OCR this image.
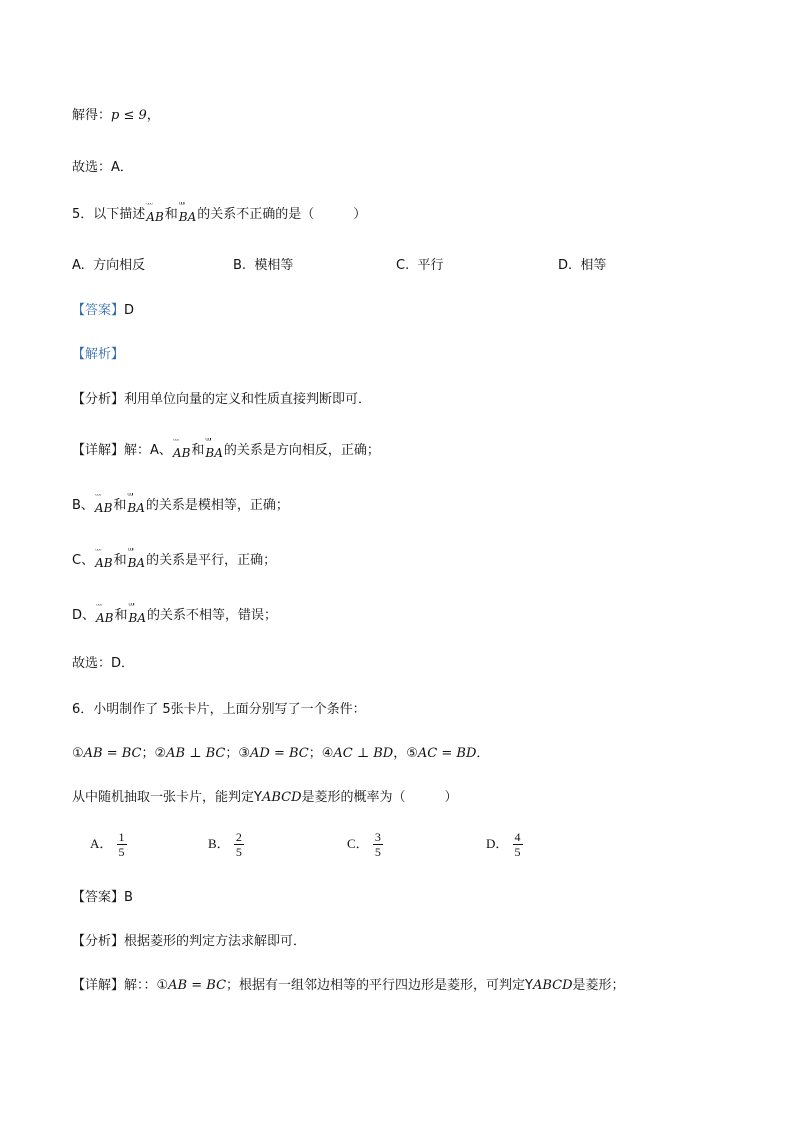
解得：p ≤ 9，
故选：A．
5．以下描述
ᵕᵕᵕ
AB和
ᵁᵁᴵᴵ
BA的关系不正确的是（　　　）
A. 方向相反	B. 模相等	C. 平行	D. 相等
【答案】D
【解析】
【分析】利用单位向量的定义和性质直接判断即可．
【详解】解：A、
ᵕᵕᵕ
AB和
ᵁᵁᴵᴵ
BA的关系是方向相反，正确；
B、
ᵕᵕᵕ
AB和
ᵁᵁᴵᴵ
BA的关系是模相等，正确；
C、
ᵕᵕᵕ
AB和
ᵁᵁᴵᴵ
BA的关系是平行，正确；
D、
ᵕᵕᵕ
AB和
ᵁᵁᴵᴵ
BA的关系不相等，错误；
故选：D．
6．小明制作了 5张卡片，上面分别写了一个条件：
①AB = BC；②AB ⊥ BC；③AD = BC；④AC ⊥ BD，⑤AC = BD．
从中随机抽取一张卡片，能判定YABCD是菱形的概率为（　　　）
A． $\frac{1}{5}$	B． $\frac{2}{5}$	C． $\frac{3}{5}$	D． $\frac{4}{5}$
【答案】B
【分析】根据菱形的判定方法求解即可．
【详解】解：：①AB = BC；根据有一组邻边相等的平行四边形是菱形，可判定YABCD是菱形；
